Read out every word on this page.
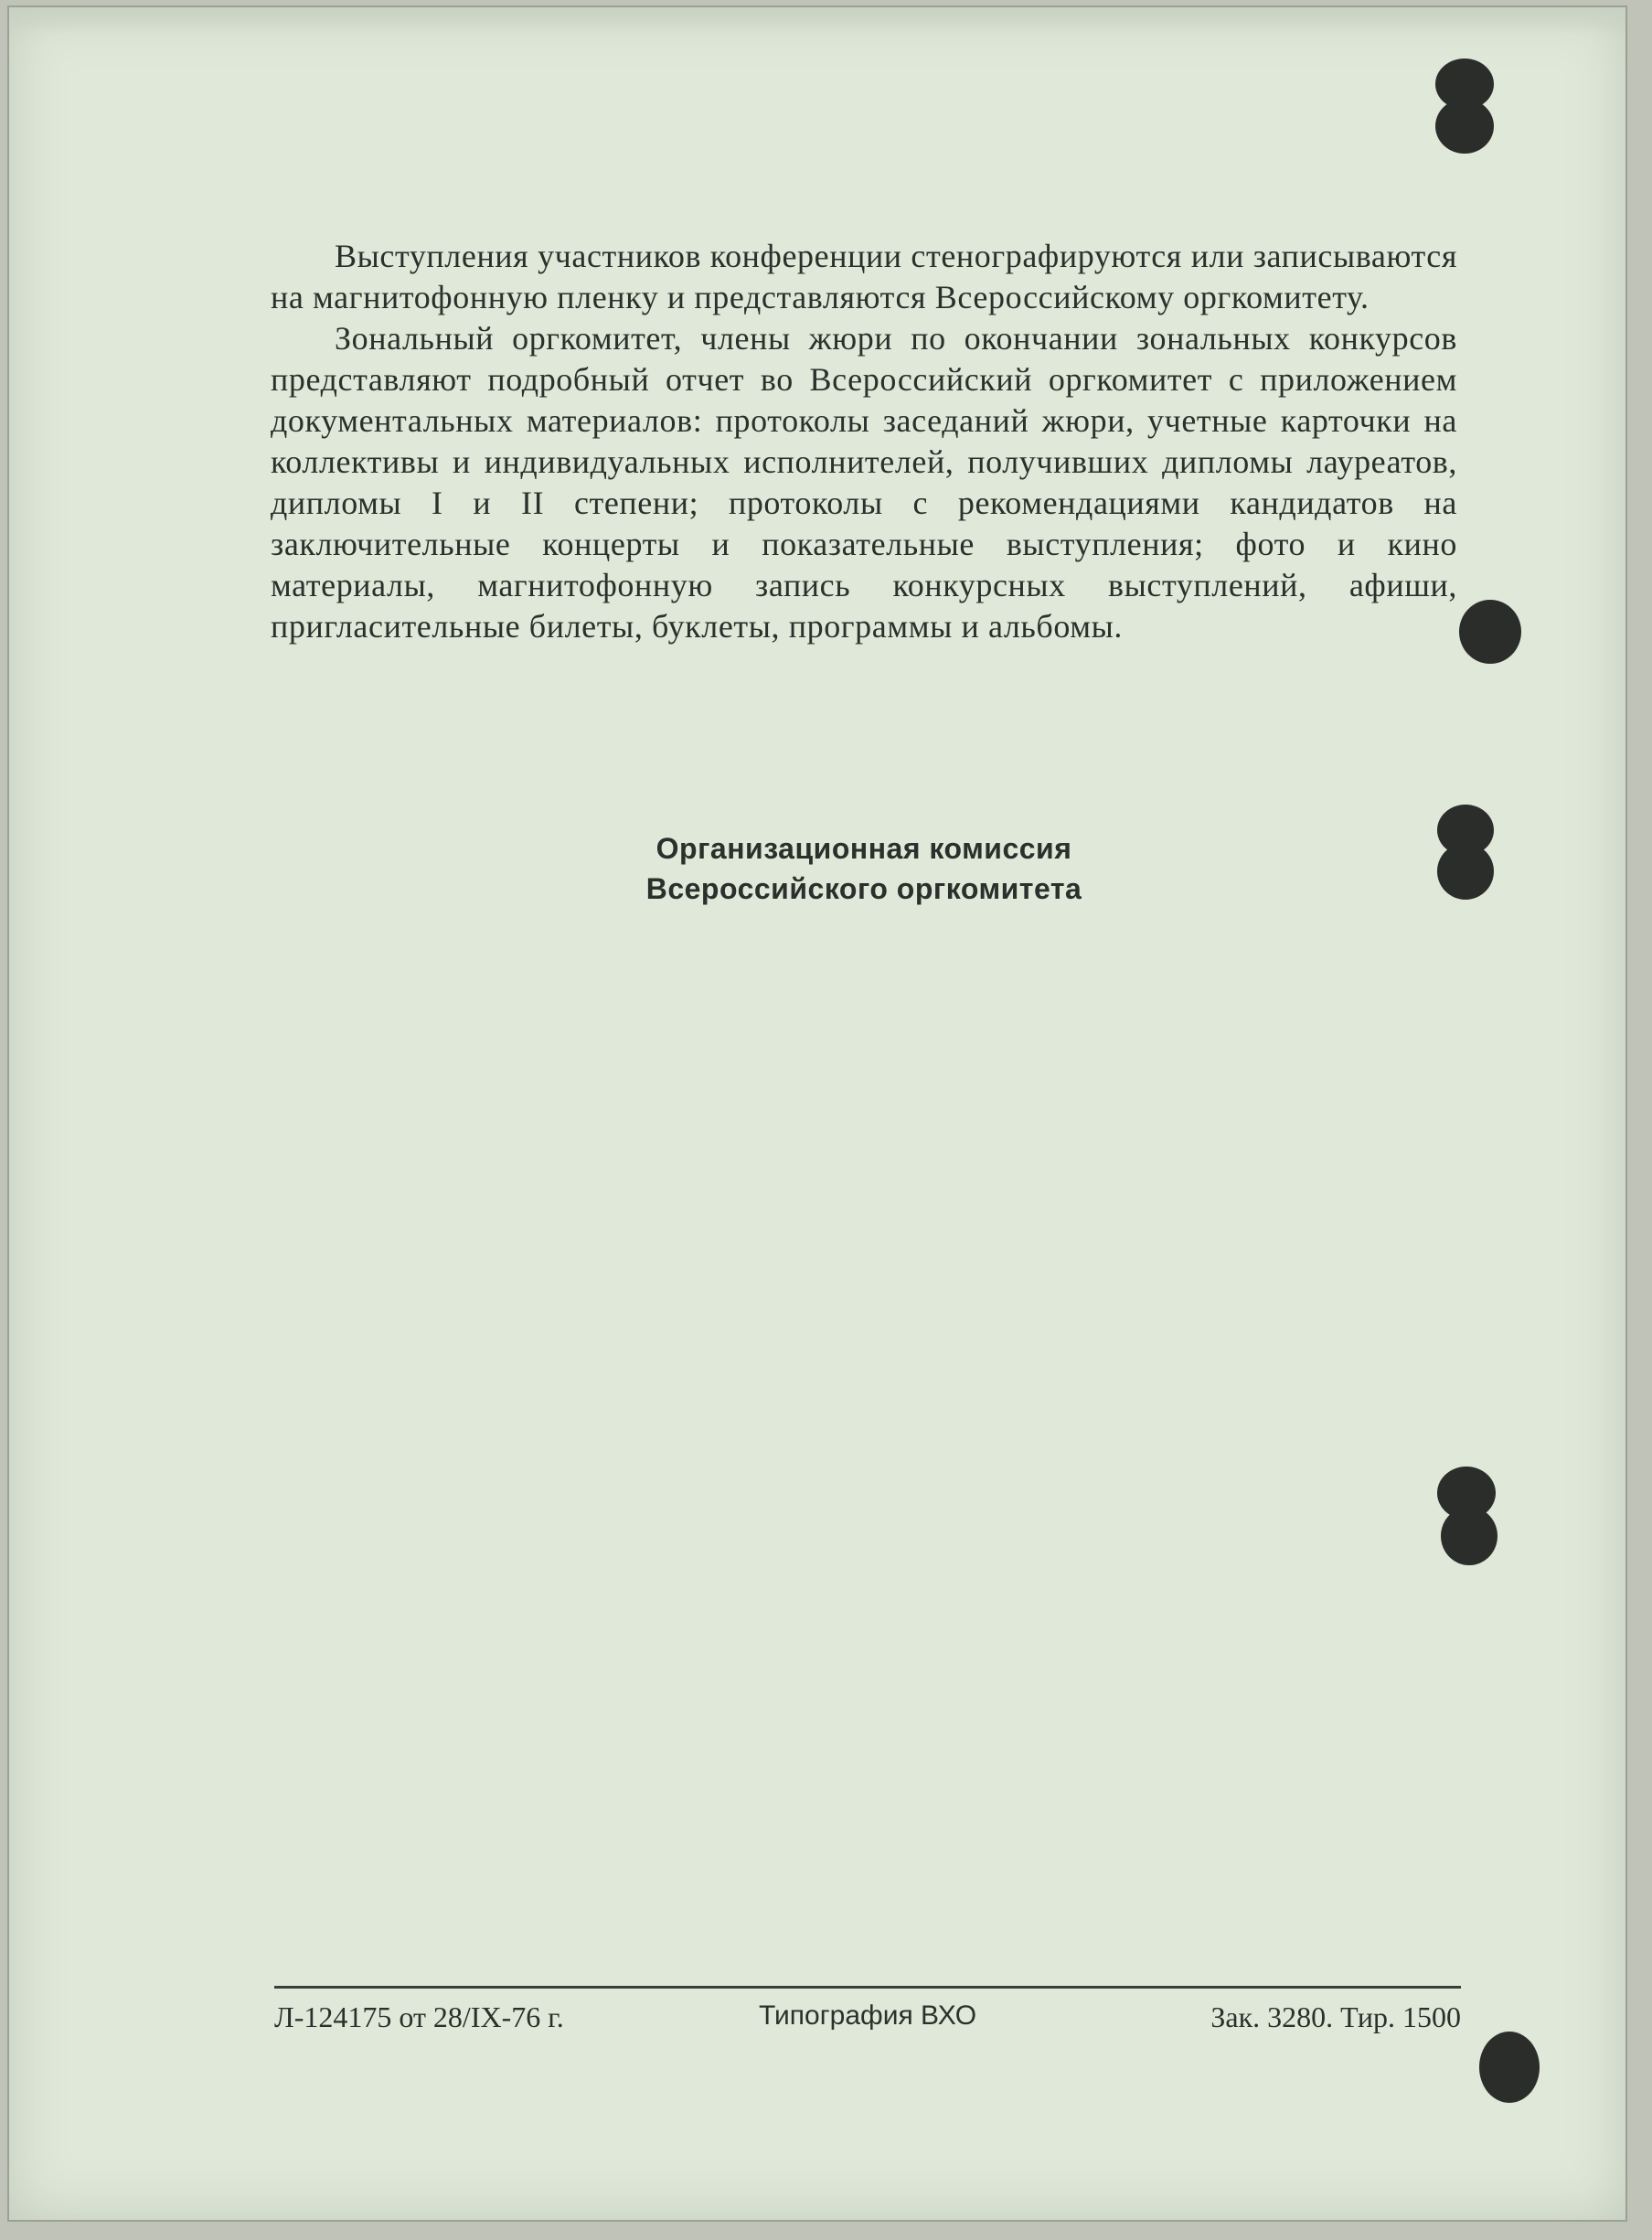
Выступления участников конференции стенографируются или записываются на магнитофонную пленку и представляются Всероссийскому оргкомитету.

Зональный оргкомитет, члены жюри по окончании зональных конкурсов представляют подробный отчет во Всероссийский оргкомитет с приложением документальных материалов: протоколы заседаний жюри, учетные карточки на коллективы и индивидуальных исполнителей, получивших дипломы лауреатов, дипломы I и II степени; протоколы с рекомендациями кандидатов на заключительные концерты и показательные выступления; фото и кино материалы, магнитофонную запись конкурсных выступлений, афиши, пригласительные билеты, буклеты, программы и альбомы.

Организационная комиссия
Всероссийского оргкомитета
Л-124175 от 28/IX-76 г.	Типография ВХО	Зак. 3280. Тир. 1500
